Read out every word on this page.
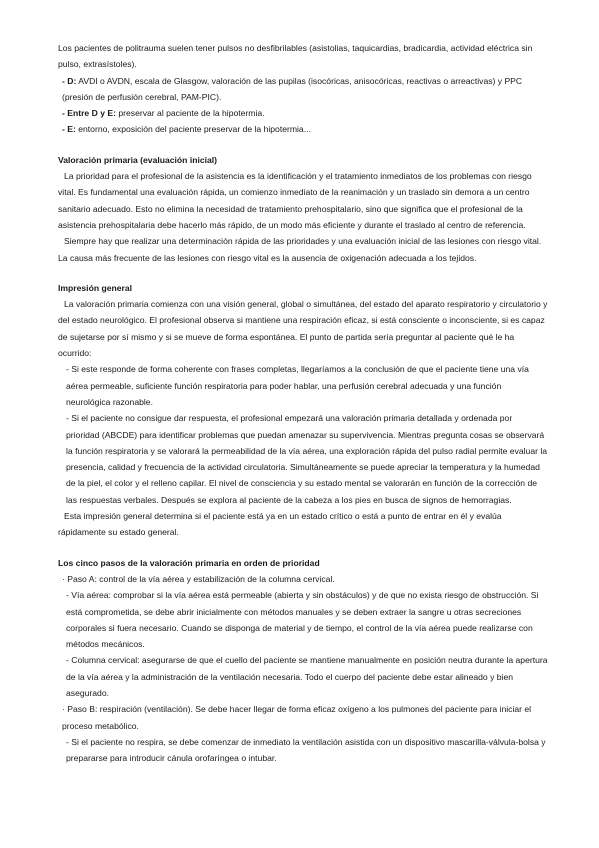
Los pacientes de politrauma suelen tener pulsos no desfibrilables (asistolias, taquicardias, bradicardia, actividad eléctrica sin pulso, extrasístoles).

- D: AVDI o AVDN, escala de Glasgow, valoración de las pupilas (isocóricas, anisocóricas, reactivas o arreactivas) y PPC (presión de perfusión cerebral, PAM-PIC).

- Entre D y E: preservar al paciente de la hipotermia.

- E: entorno, exposición del paciente preservar de la hipotermia...

Valoración primaria (evaluación inicial)

La prioridad para el profesional de la asistencia es la identificación y el tratamiento inmediatos de los problemas con riesgo vital. Es fundamental una evaluación rápida, un comienzo inmediato de la reanimación y un traslado sin demora a un centro sanitario adecuado. Esto no elimina la necesidad de tratamiento prehospitalario, sino que significa que el profesional de la asistencia prehospitalaria debe hacerlo más rápido, de un modo más eficiente y durante el traslado al centro de referencia.

Siempre hay que realizar una determinación rápida de las prioridades y una evaluación inicial de las lesiones con riesgo vital. La causa más frecuente de las lesiones con riesgo vital es la ausencia de oxigenación adecuada a los tejidos.

Impresión general

La valoración primaria comienza con una visión general, global o simultánea, del estado del aparato respiratorio y circulatorio y del estado neurológico. El profesional observa si mantiene una respiración eficaz, si está consciente o inconsciente, si es capaz de sujetarse por sí mismo y si se mueve de forma espontánea. El punto de partida sería preguntar al paciente qué le ha ocurrido:

- Si este responde de forma coherente con frases completas, llegaríamos a la conclusión de que el paciente tiene una vía aérea permeable, suficiente función respiratoria para poder hablar, una perfusión cerebral adecuada y una función neurológica razonable.

- Si el paciente no consigue dar respuesta, el profesional empezará una valoración primaria detallada y ordenada por prioridad (ABCDE) para identificar problemas que puedan amenazar su supervivencia. Mientras pregunta cosas se observará la función respiratoria y se valorará la permeabilidad de la vía aérea, una exploración rápida del pulso radial permite evaluar la presencia, calidad y frecuencia de la actividad circulatoria. Simultáneamente se puede apreciar la temperatura y la humedad de la piel, el color y el relleno capilar. El nivel de consciencia y su estado mental se valorarán en función de la corrección de las respuestas verbales. Después se explora al paciente de la cabeza a los pies en busca de signos de hemorragias.

Esta impresión general determina si el paciente está ya en un estado crítico o está a punto de entrar en él y evalúa rápidamente su estado general.

Los cinco pasos de la valoración primaria en orden de prioridad

· Paso A: control de la vía aérea y estabilización de la columna cervical.

- Vía aérea: comprobar si la vía aérea está permeable (abierta y sin obstáculos) y de que no exista riesgo de obstrucción. Si está comprometida, se debe abrir inicialmente con métodos manuales y se deben extraer la sangre u otras secreciones corporales si fuera necesario. Cuando se disponga de material y de tiempo, el control de la vía aérea puede realizarse con métodos mecánicos.

- Columna cervical: asegurarse de que el cuello del paciente se mantiene manualmente en posición neutra durante la apertura de la vía aérea y la administración de la ventilación necesaria. Todo el cuerpo del paciente debe estar alineado y bien asegurado.

· Paso B: respiración (ventilación). Se debe hacer llegar de forma eficaz oxígeno a los pulmones del paciente para iniciar el proceso metabólico.

- Si el paciente no respira, se debe comenzar de inmediato la ventilación asistida con un dispositivo mascarilla-válvula-bolsa y prepararse para introducir cánula orofaríngea o intubar.
